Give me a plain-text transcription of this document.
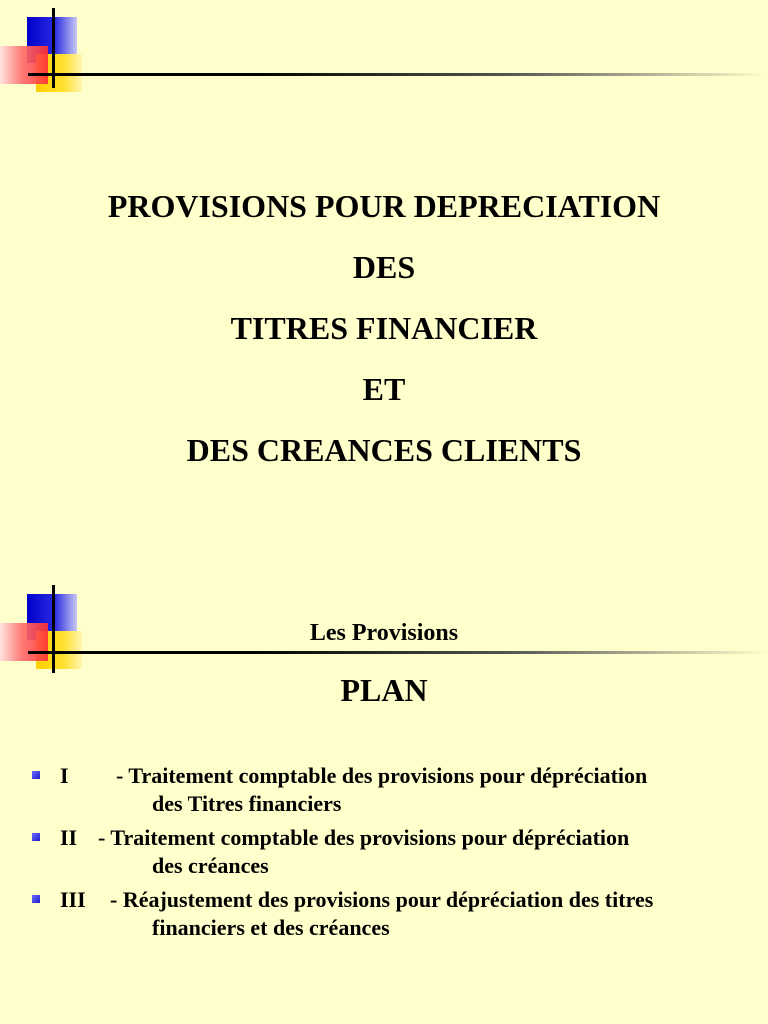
PROVISIONS POUR DEPRECIATION
DES
TITRES FINANCIER
ET
DES CREANCES CLIENTS
Les Provisions
PLAN
I - Traitement comptable des provisions pour dépréciation
des Titres financiers
II - Traitement comptable des provisions pour dépréciation
des créances
III - Réajustement des provisions pour dépréciation des titres
financiers et des créances
